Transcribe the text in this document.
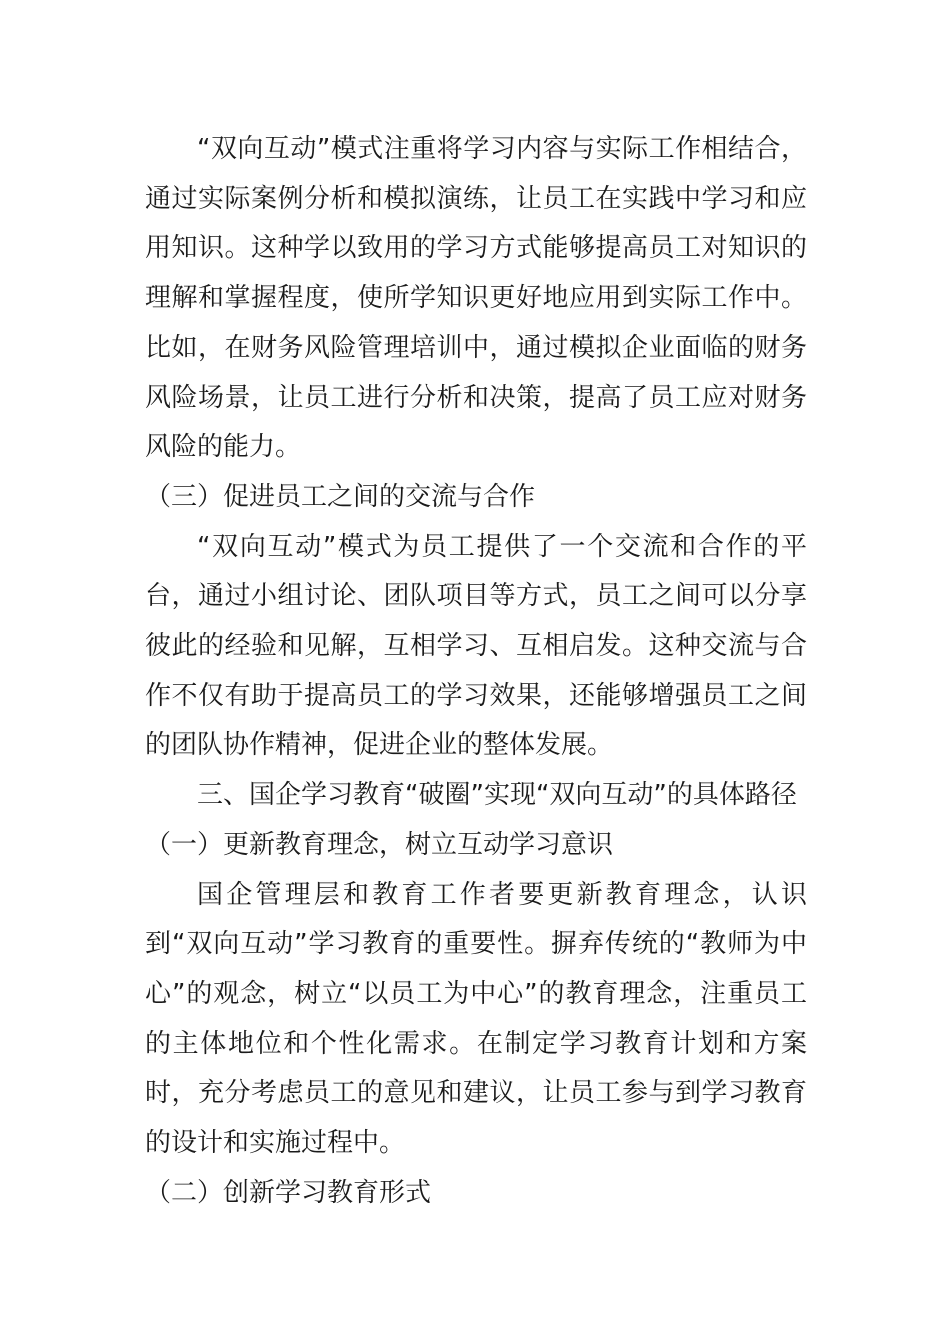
“双向互动”模式注重将学习内容与实际工作相结合，通过实际案例分析和模拟演练，让员工在实践中学习和应用知识。这种学以致用的学习方式能够提高员工对知识的理解和掌握程度，使所学知识更好地应用到实际工作中。比如，在财务风险管理培训中，通过模拟企业面临的财务风险场景，让员工进行分析和决策，提高了员工应对财务风险的能力。

（三）促进员工之间的交流与合作

“双向互动”模式为员工提供了一个交流和合作的平台，通过小组讨论、团队项目等方式，员工之间可以分享彼此的经验和见解，互相学习、互相启发。这种交流与合作不仅有助于提高员工的学习效果，还能够增强员工之间的团队协作精神，促进企业的整体发展。

三、国企学习教育“破圈”实现“双向互动”的具体路径

（一）更新教育理念，树立互动学习意识

国企管理层和教育工作者要更新教育理念，认识到“双向互动”学习教育的重要性。摒弃传统的“教师为中心”的观念，树立“以员工为中心”的教育理念，注重员工的主体地位和个性化需求。在制定学习教育计划和方案时，充分考虑员工的意见和建议，让员工参与到学习教育的设计和实施过程中。

（二）创新学习教育形式
